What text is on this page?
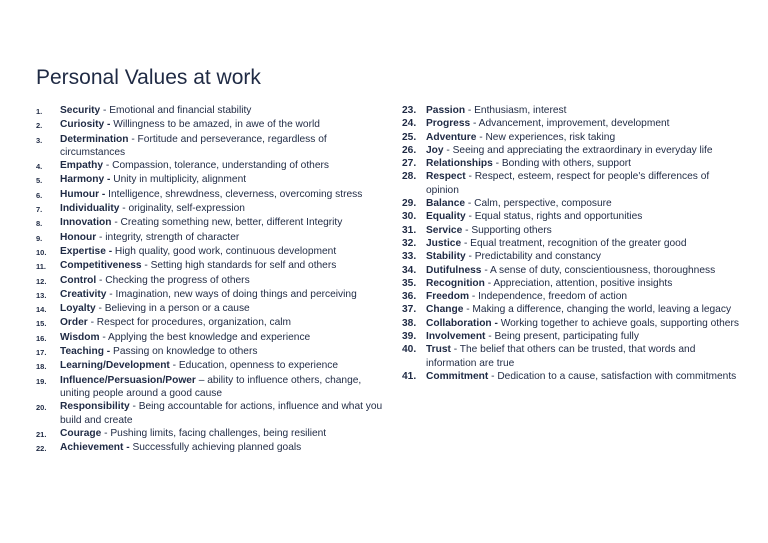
Personal Values at work
1.	Security - Emotional and financial stability
2.	Curiosity - Willingness to be amazed, in awe of the world
3.	Determination - Fortitude and perseverance, regardless of circumstances
4.	Empathy - Compassion, tolerance, understanding of others
5.	Harmony - Unity in multiplicity, alignment
6.	Humour - Intelligence, shrewdness, cleverness, overcoming stress
7.	Individuality - originality, self-expression
8.	Innovation - Creating something new, better, different Integrity
9.	Honour - integrity, strength of character
10.	Expertise - High quality, good work, continuous development
11.	Competitiveness - Setting high standards for self and others
12.	Control - Checking the progress of others
13.	Creativity - Imagination, new ways of doing things and perceiving
14.	Loyalty - Believing in a person or a cause
15.	Order - Respect for procedures, organization, calm
16.	Wisdom - Applying the best knowledge and experience
17.	Teaching - Passing on knowledge to others
18.	Learning/Development - Education, openness to experience
19.	Influence/Persuasion/Power – ability to influence others, change, uniting people around a good cause
20.	Responsibility - Being accountable for actions, influence and what you build and create
21.	Courage - Pushing limits, facing challenges, being resilient
22.	Achievement - Successfully achieving planned goals
23. Passion - Enthusiasm, interest
24. Progress - Advancement, improvement, development
25. Adventure - New experiences, risk taking
26. Joy - Seeing and appreciating the extraordinary in everyday life
27. Relationships - Bonding with others, support
28. Respect - Respect, esteem, respect for people's differences of opinion
29. Balance - Calm, perspective, composure
30. Equality - Equal status, rights and opportunities
31. Service - Supporting others
32. Justice - Equal treatment, recognition of the greater good
33. Stability - Predictability and constancy
34. Dutifulness - A sense of duty, conscientiousness, thoroughness
35. Recognition - Appreciation, attention, positive insights
36. Freedom - Independence, freedom of action
37. Change - Making a difference, changing the world, leaving a legacy
38. Collaboration - Working together to achieve goals, supporting others
39. Involvement - Being present, participating fully
40. Trust - The belief that others can be trusted, that words and information are true
41. Commitment - Dedication to a cause, satisfaction with commitments
